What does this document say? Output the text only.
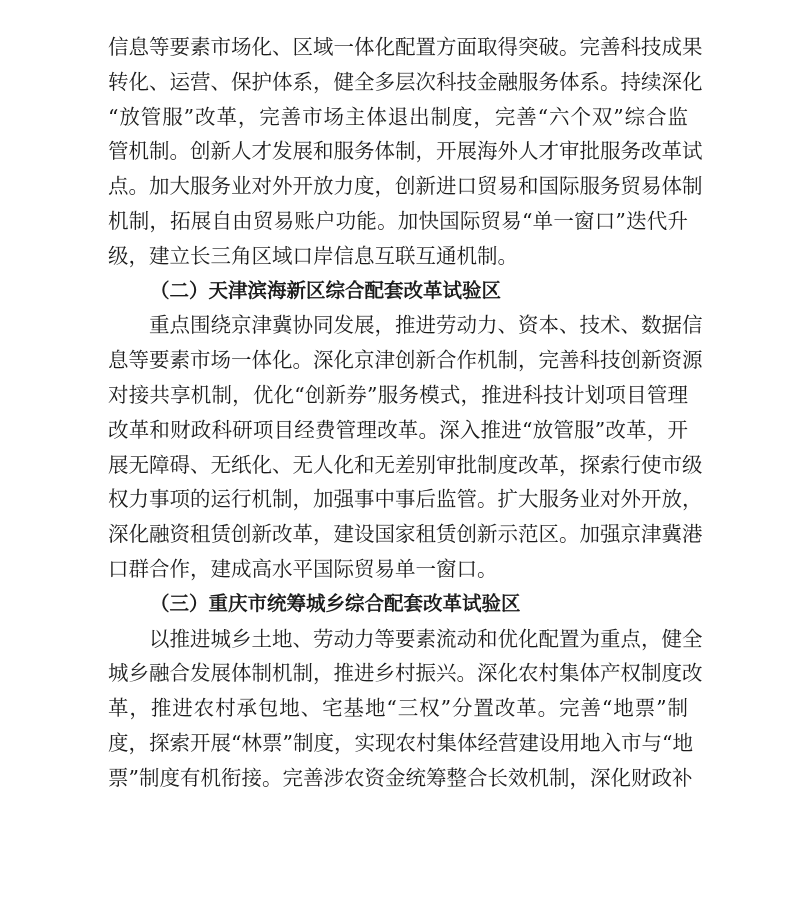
信息等要素市场化、区域一体化配置方面取得突破。完善科技成果
转化、运营、保护体系，健全多层次科技金融服务体系。持续深化
“放管服”改革，完善市场主体退出制度，完善“六个双”综合监
管机制。创新人才发展和服务体制，开展海外人才审批服务改革试
点。加大服务业对外开放力度，创新进口贸易和国际服务贸易体制
机制，拓展自由贸易账户功能。加快国际贸易“单一窗口”迭代升
级，建立长三角区域口岸信息互联互通机制。
（二）天津滨海新区综合配套改革试验区
重点围绕京津冀协同发展，推进劳动力、资本、技术、数据信
息等要素市场一体化。深化京津创新合作机制，完善科技创新资源
对接共享机制，优化“创新券”服务模式，推进科技计划项目管理
改革和财政科研项目经费管理改革。深入推进“放管服”改革，开
展无障碍、无纸化、无人化和无差别审批制度改革，探索行使市级
权力事项的运行机制，加强事中事后监管。扩大服务业对外开放，
深化融资租赁创新改革，建设国家租赁创新示范区。加强京津冀港
口群合作，建成高水平国际贸易单一窗口。
（三）重庆市统筹城乡综合配套改革试验区
以推进城乡土地、劳动力等要素流动和优化配置为重点，健全
城乡融合发展体制机制，推进乡村振兴。深化农村集体产权制度改
革，推进农村承包地、宅基地“三权”分置改革。完善“地票”制
度，探索开展“林票”制度，实现农村集体经营建设用地入市与“地
票”制度有机衔接。完善涉农资金统筹整合长效机制，深化财政补
